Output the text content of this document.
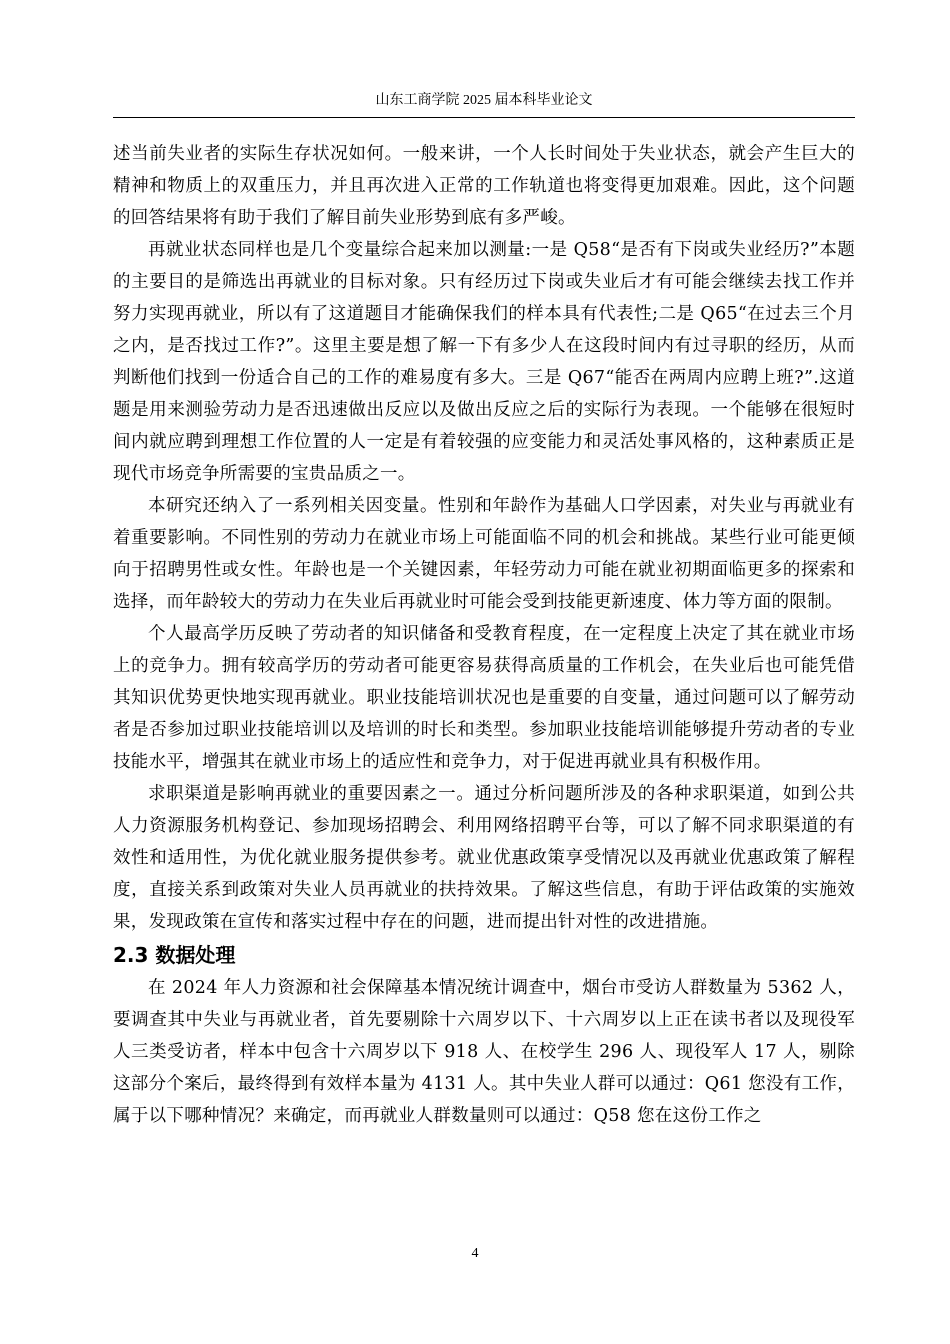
山东工商学院 2025 届本科毕业论文

述当前失业者的实际生存状况如何。一般来讲，一个人长时间处于失业状态，就会产生巨大的精神和物质上的双重压力，并且再次进入正常的工作轨道也将变得更加艰难。因此，这个问题的回答结果将有助于我们了解目前失业形势到底有多严峻。

再就业状态同样也是几个变量综合起来加以测量:一是 Q58“是否有下岗或失业经历?”本题的主要目的是筛选出再就业的目标对象。只有经历过下岗或失业后才有可能会继续去找工作并努力实现再就业，所以有了这道题目才能确保我们的样本具有代表性;二是 Q65“在过去三个月之内，是否找过工作?”。这里主要是想了解一下有多少人在这段时间内有过寻职的经历，从而判断他们找到一份适合自己的工作的难易度有多大。三是 Q67“能否在两周内应聘上班?”.这道题是用来测验劳动力是否迅速做出反应以及做出反应之后的实际行为表现。一个能够在很短时间内就应聘到理想工作位置的人一定是有着较强的应变能力和灵活处事风格的，这种素质正是现代市场竞争所需要的宝贵品质之一。

本研究还纳入了一系列相关因变量。性别和年龄作为基础人口学因素，对失业与再就业有着重要影响。不同性别的劳动力在就业市场上可能面临不同的机会和挑战。某些行业可能更倾向于招聘男性或女性。年龄也是一个关键因素，年轻劳动力可能在就业初期面临更多的探索和选择，而年龄较大的劳动力在失业后再就业时可能会受到技能更新速度、体力等方面的限制。

个人最高学历反映了劳动者的知识储备和受教育程度，在一定程度上决定了其在就业市场上的竞争力。拥有较高学历的劳动者可能更容易获得高质量的工作机会，在失业后也可能凭借其知识优势更快地实现再就业。职业技能培训状况也是重要的自变量，通过问题可以了解劳动者是否参加过职业技能培训以及培训的时长和类型。参加职业技能培训能够提升劳动者的专业技能水平，增强其在就业市场上的适应性和竞争力，对于促进再就业具有积极作用。

求职渠道是影响再就业的重要因素之一。通过分析问题所涉及的各种求职渠道，如到公共人力资源服务机构登记、参加现场招聘会、利用网络招聘平台等，可以了解不同求职渠道的有效性和适用性，为优化就业服务提供参考。就业优惠政策享受情况以及再就业优惠政策了解程度，直接关系到政策对失业人员再就业的扶持效果。了解这些信息，有助于评估政策的实施效果，发现政策在宣传和落实过程中存在的问题，进而提出针对性的改进措施。

2.3 数据处理

在 2024 年人力资源和社会保障基本情况统计调查中，烟台市受访人群数量为 5362 人，要调查其中失业与再就业者，首先要剔除十六周岁以下、十六周岁以上正在读书者以及现役军人三类受访者，样本中包含十六周岁以下 918 人、在校学生 296 人、现役军人 17 人，剔除这部分个案后，最终得到有效样本量为 4131 人。其中失业人群可以通过：Q61 您没有工作，属于以下哪种情况？来确定，而再就业人群数量则可以通过：Q58 您在这份工作之

4
